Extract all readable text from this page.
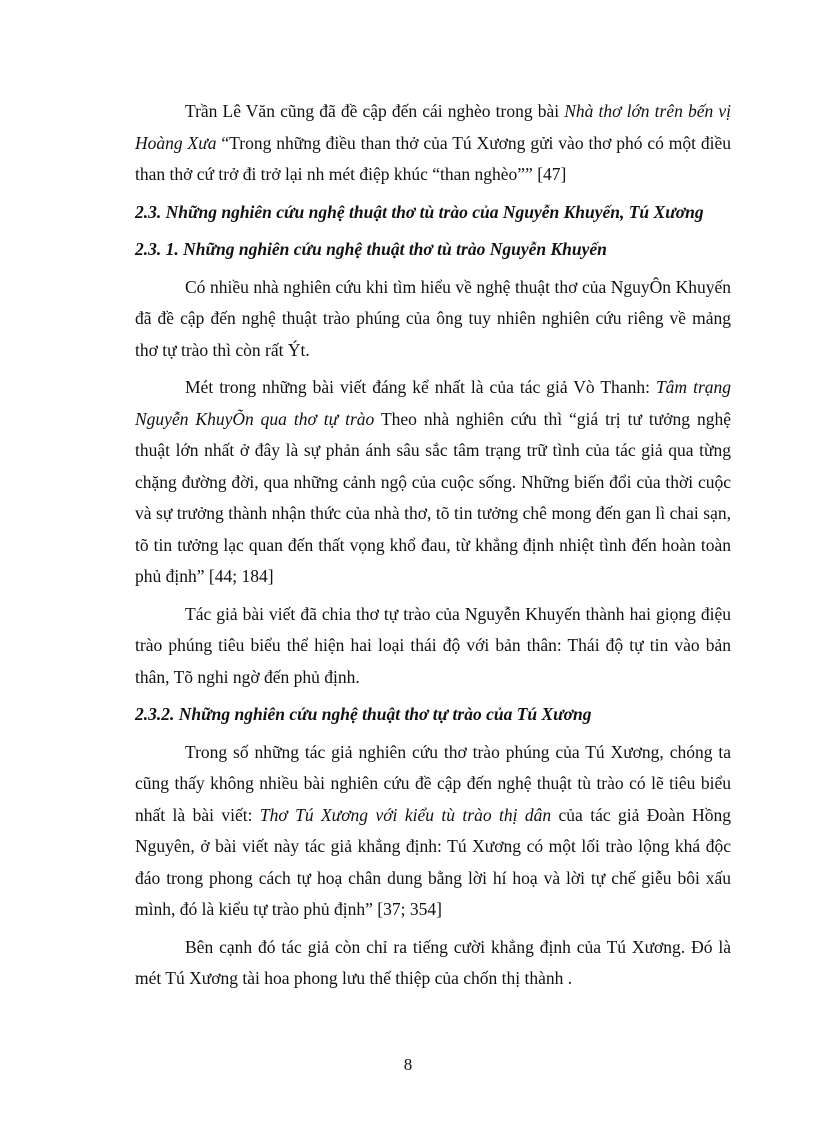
Trần Lê Văn cũng đã đề cập đến cái nghèo trong bài Nhà thơ lớn trên bến vị Hoàng Xưa “Trong những điều than thở của Tú Xương gửi vào thơ phó có một điều than thở cứ trở đi trở lại nh mét điệp khúc “than nghèo”” [47]

2.3. Những nghiên cứu nghệ thuật thơ tù trào của Nguyễn Khuyến, Tú Xương
2.3. 1. Những nghiên cứu nghệ thuật thơ tù trào Nguyễn Khuyến

Có nhiều nhà nghiên cứu khi tìm hiểu về nghệ thuật thơ của NguyÔn Khuyến đã đề cập đến nghệ thuật trào phúng của ông tuy nhiên nghiên cứu riêng về mảng thơ tự trào thì còn rất Ýt.

Mét trong những bài viết đáng kể nhất là của tác giả Vò Thanh: Tâm trạng Nguyễn KhuyÕn qua thơ tự trào Theo nhà nghiên cứu thì “giá trị tư tưởng nghệ thuật lớn nhất ở đây là sự phản ánh sâu sắc tâm trạng trữ tình của tác giả qua từng chặng đường đời, qua những cảnh ngộ của cuộc sống. Những biến đổi của thời cuộc và sự trưởng thành nhận thức của nhà thơ, tõ tin tưởng chê mong đến gan lì chai sạn, tõ tin tưởng lạc quan đến thất vọng khổ đau, từ khẳng định nhiệt tình đến hoàn toàn phủ định” [44; 184]

Tác giả bài viết đã chia thơ tự trào của Nguyễn Khuyến thành hai giọng điệu trào phúng tiêu biểu thể hiện hai loại thái độ với bản thân: Thái độ tự tin vào bản thân, Tõ nghi ngờ đến phủ định.

2.3.2. Những nghiên cứu nghệ thuật thơ tự trào của Tú Xương

Trong số những tác giả nghiên cứu thơ trào phúng của Tú Xương, chóng ta cũng thấy không nhiều bài nghiên cứu đề cập đến nghệ thuật tù trào có lẽ tiêu biểu nhất là bài viết: Thơ Tú Xương với kiểu tù trào thị dân của tác giả Đoàn Hồng Nguyên, ở bài viết này tác giả khẳng định: Tú Xương có một lối trào lộng khá độc đáo trong phong cách tự hoạ chân dung bằng lời hí hoạ và lời tự chế giễu bôi xấu mình, đó là kiểu tự trào phủ định” [37; 354]

Bên cạnh đó tác giả còn chỉ ra tiếng cười khẳng định của Tú Xương. Đó là mét Tú Xương tài hoa phong lưu thế thiệp của chốn thị thành .

8
